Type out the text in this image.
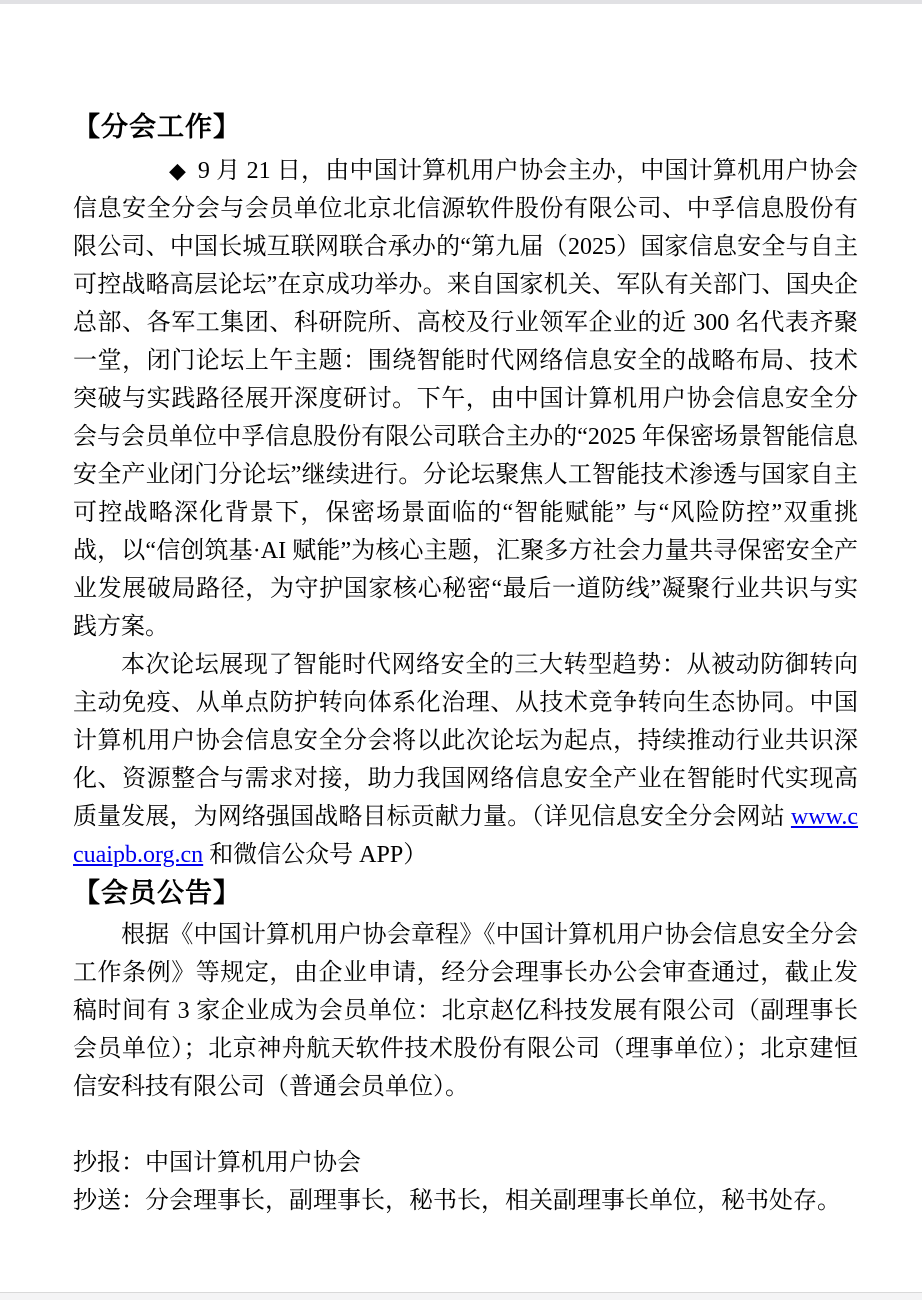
【分会工作】

◆ 9 月 21 日，由中国计算机用户协会主办，中国计算机用户协会信息安全分会与会员单位北京北信源软件股份有限公司、中孚信息股份有限公司、中国长城互联网联合承办的“第九届（2025）国家信息安全与自主可控战略高层论坛”在京成功举办。来自国家机关、军队有关部门、国央企总部、各军工集团、科研院所、高校及行业领军企业的近 300 名代表齐聚一堂，闭门论坛上午主题：围绕智能时代网络信息安全的战略布局、技术突破与实践路径展开深度研讨。下午，由中国计算机用户协会信息安全分会与会员单位中孚信息股份有限公司联合主办的“2025 年保密场景智能信息安全产业闭门分论坛”继续进行。分论坛聚焦人工智能技术渗透与国家自主可控战略深化背景下，保密场景面临的“智能赋能” 与“风险防控”双重挑战，以“信创筑基·AI 赋能”为核心主题，汇聚多方社会力量共寻保密安全产业发展破局路径，为守护国家核心秘密“最后一道防线”凝聚行业共识与实践方案。

本次论坛展现了智能时代网络安全的三大转型趋势：从被动防御转向主动免疫、从单点防护转向体系化治理、从技术竞争转向生态协同。中国计算机用户协会信息安全分会将以此次论坛为起点，持续推动行业共识深化、资源整合与需求对接，助力我国网络信息安全产业在智能时代实现高质量发展，为网络强国战略目标贡献力量。（详见信息安全分会网站 www.ccuaipb.org.cn 和微信公众号 APP）

【会员公告】

根据《中国计算机用户协会章程》《中国计算机用户协会信息安全分会工作条例》等规定，由企业申请，经分会理事长办公会审查通过，截止发稿时间有 3 家企业成为会员单位：北京赵亿科技发展有限公司（副理事长会员单位）；北京神舟航天软件技术股份有限公司（理事单位）；北京建恒信安科技有限公司（普通会员单位）。

抄报：中国计算机用户协会

抄送：分会理事长，副理事长，秘书长，相关副理事长单位，秘书处存。
